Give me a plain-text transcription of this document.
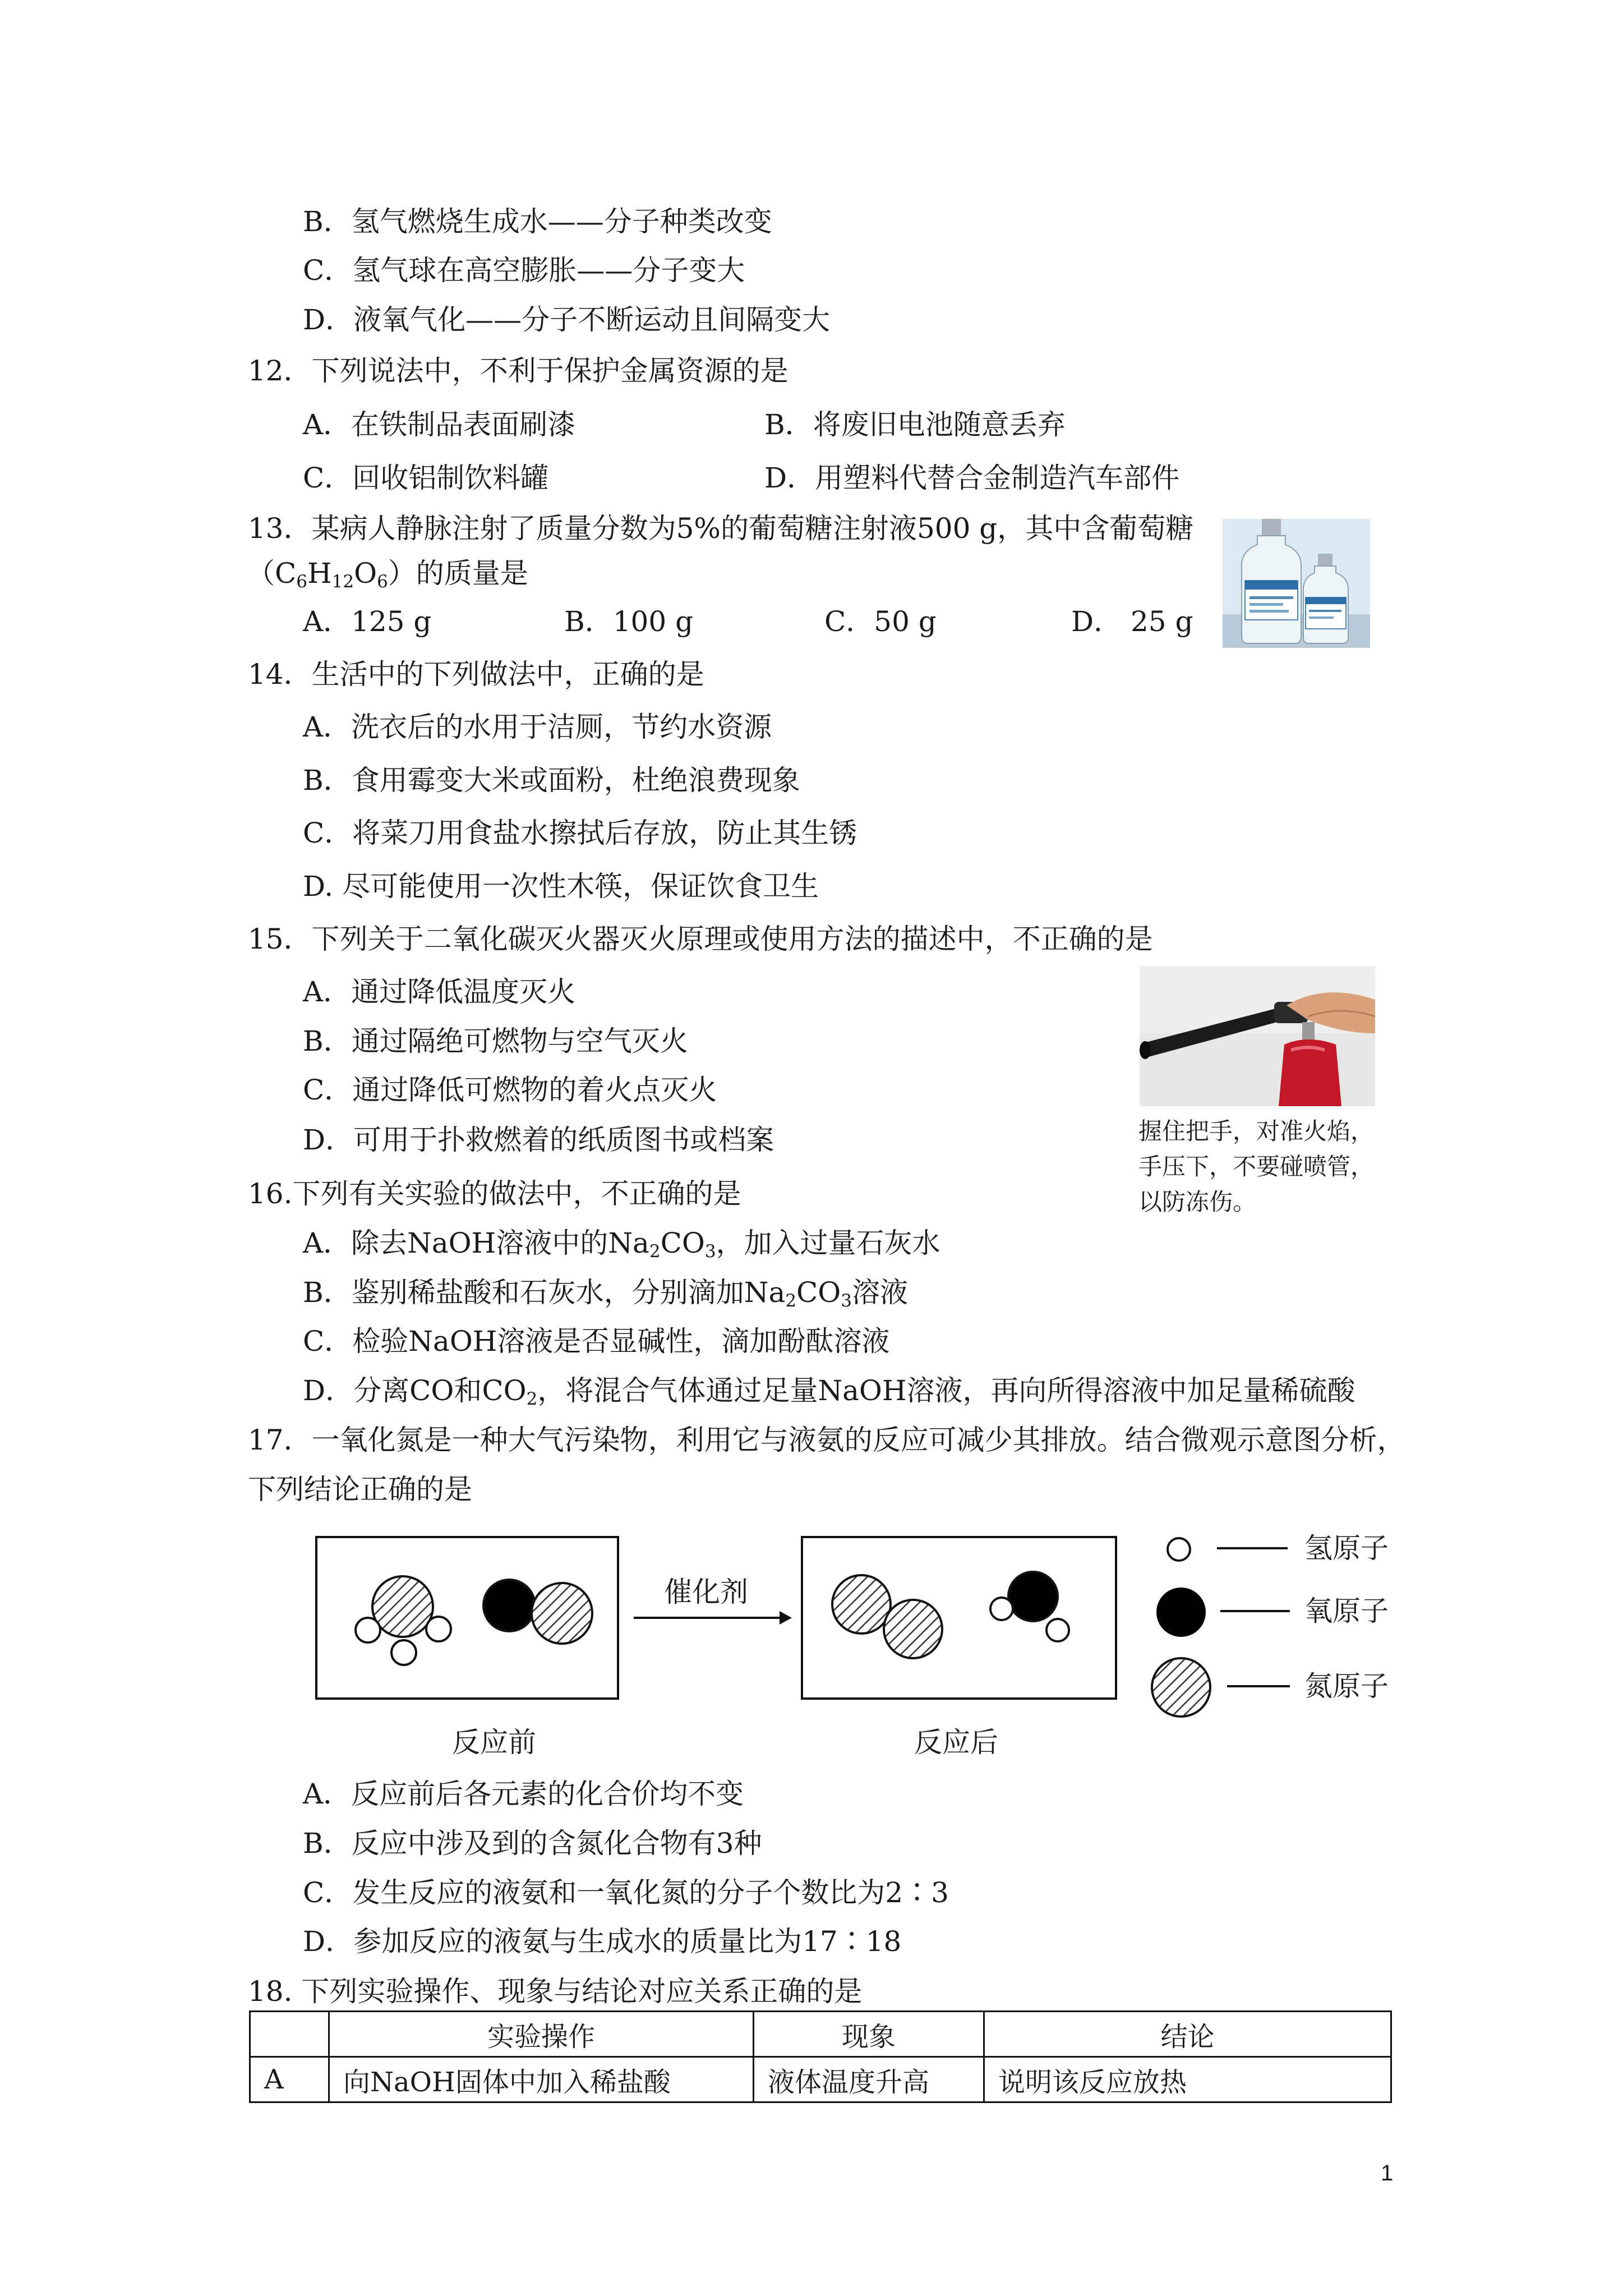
B．氢气燃烧生成水——分子种类改变
C．氢气球在高空膨胀——分子变大
D．液氧气化——分子不断运动且间隔变大
12．下列说法中，不利于保护金属资源的是
A．在铁制品表面刷漆	B．将废旧电池随意丢弃
C．回收铝制饮料罐	D．用塑料代替合金制造汽车部件
13．某病人静脉注射了质量分数为5%的葡萄糖注射液500 g，其中含葡萄糖
$(C_6H_{12}O_6)$的质量是
A．125 g	B．100 g	C．50 g	D． 25 g
14．生活中的下列做法中，正确的是
A．洗衣后的水用于洁厕，节约水资源
B．食用霉变大米或面粉，杜绝浪费现象
C．将菜刀用食盐水擦拭后存放，防止其生锈
D. 尽可能使用一次性木筷，保证饮食卫生
15．下列关于二氧化碳灭火器灭火原理或使用方法的描述中，不正确的是
A．通过降低温度灭火
B．通过隔绝可燃物与空气灭火
C．通过降低可燃物的着火点灭火
D．可用于扑救燃着的纸质图书或档案	握住把手，对准火焰，
手压下，不要碰喷管，
以防冻伤。
16.下列有关实验的做法中，不正确的是
A．除去NaOH溶液中的$Na_2CO_3$，加入过量石灰水
B．鉴别稀盐酸和石灰水，分别滴加$Na_2CO_3$溶液
C．检验NaOH溶液是否显碱性，滴加酚酞溶液
D．分离CO和$CO_2$，将混合气体通过足量NaOH溶液，再向所得溶液中加足量稀硫酸
17．一氧化氮是一种大气污染物，利用它与液氨的反应可减少其排放。结合微观示意图分析，
下列结论正确的是
催化剂
反应前	反应后
氢原子
氧原子
氮原子
A．反应前后各元素的化合价均不变
B．反应中涉及到的含氮化合物有3种
C．发生反应的液氨和一氧化氮的分子个数比为2∶3
D．参加反应的液氨与生成水的质量比为17∶18
18. 下列实验操作、现象与结论对应关系正确的是
	实验操作	现象	结论
A	向NaOH固体中加入稀盐酸	液体温度升高	说明该反应放热
1
